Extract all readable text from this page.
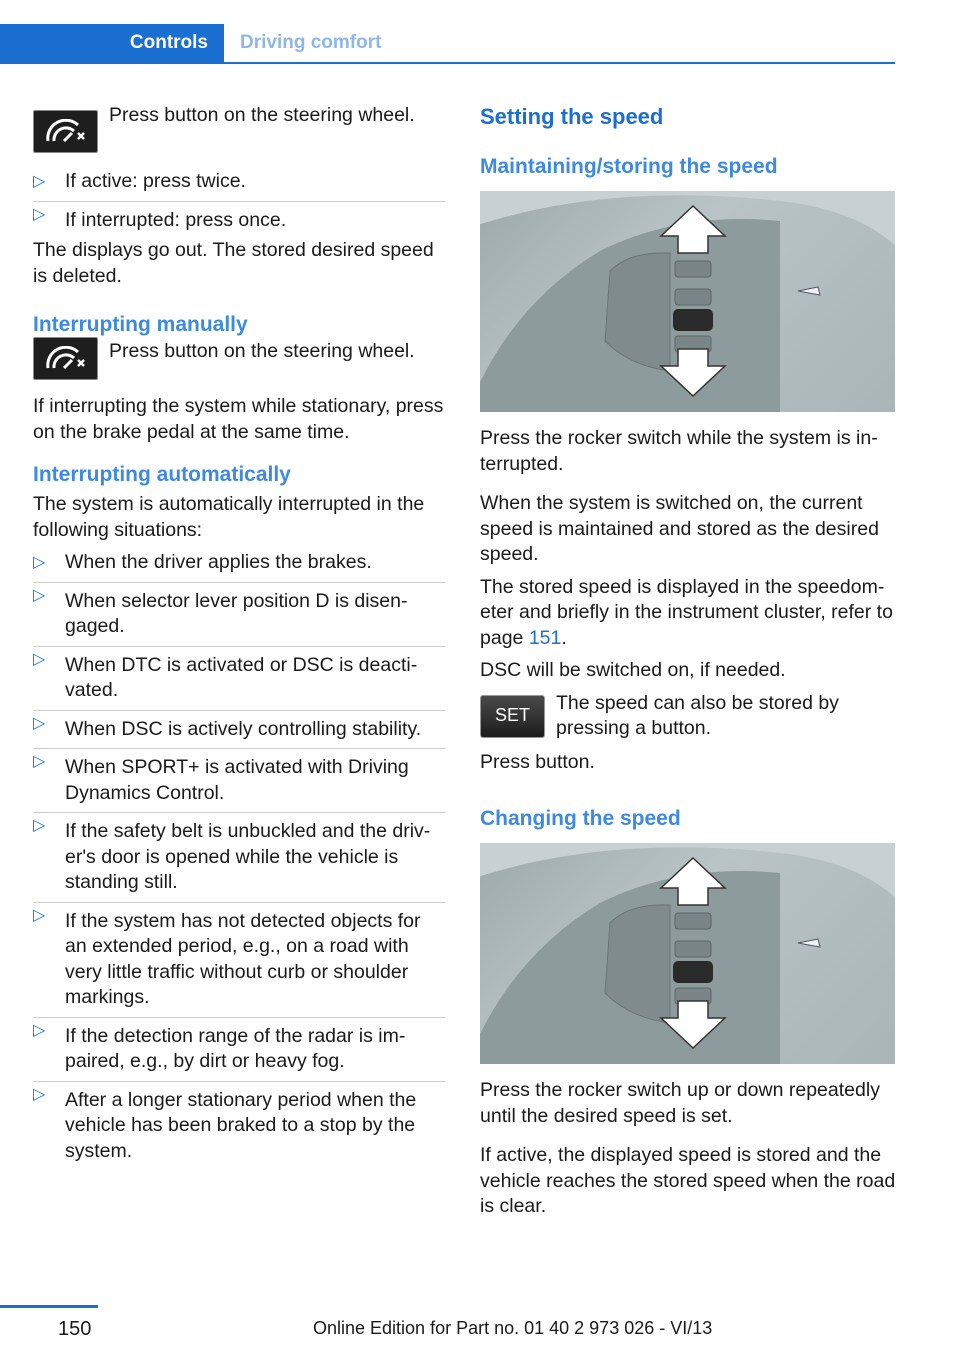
Controls	Driving comfort
Press button on the steering wheel.
▷ If active: press twice.
▷ If interrupted: press once.

The displays go out. The stored desired speed is deleted.

Interrupting manually
Press button on the steering wheel.

If interrupting the system while stationary, press on the brake pedal at the same time.

Interrupting automatically

The system is automatically interrupted in the following situations:

▷ When the driver applies the brakes.
▷ When selector lever position D is disen‐gaged.
▷ When DTC is activated or DSC is deacti‐vated.
▷ When DSC is actively controlling stability.
▷ When SPORT+ is activated with Driving Dynamics Control.
▷ If the safety belt is unbuckled and the driv‐er's door is opened while the vehicle is standing still.
▷ If the system has not detected objects for an extended period, e.g., on a road with very little traffic without curb or shoulder markings.
▷ If the detection range of the radar is im‐paired, e.g., by dirt or heavy fog.
▷ After a longer stationary period when the vehicle has been braked to a stop by the system.
Setting the speed
Maintaining/storing the speed

Press the rocker switch while the system is in‐terrupted.

When the system is switched on, the current speed is maintained and stored as the desired speed.

The stored speed is displayed in the speedom‐eter and briefly in the instrument cluster, refer to page 151.

DSC will be switched on, if needed.

SET
The speed can also be stored by pressing a button.

Press button.

Changing the speed

Press the rocker switch up or down repeatedly until the desired speed is set.

If active, the displayed speed is stored and the vehicle reaches the stored speed when the road is clear.

150	Online Edition for Part no. 01 40 2 973 026 - VI/13
